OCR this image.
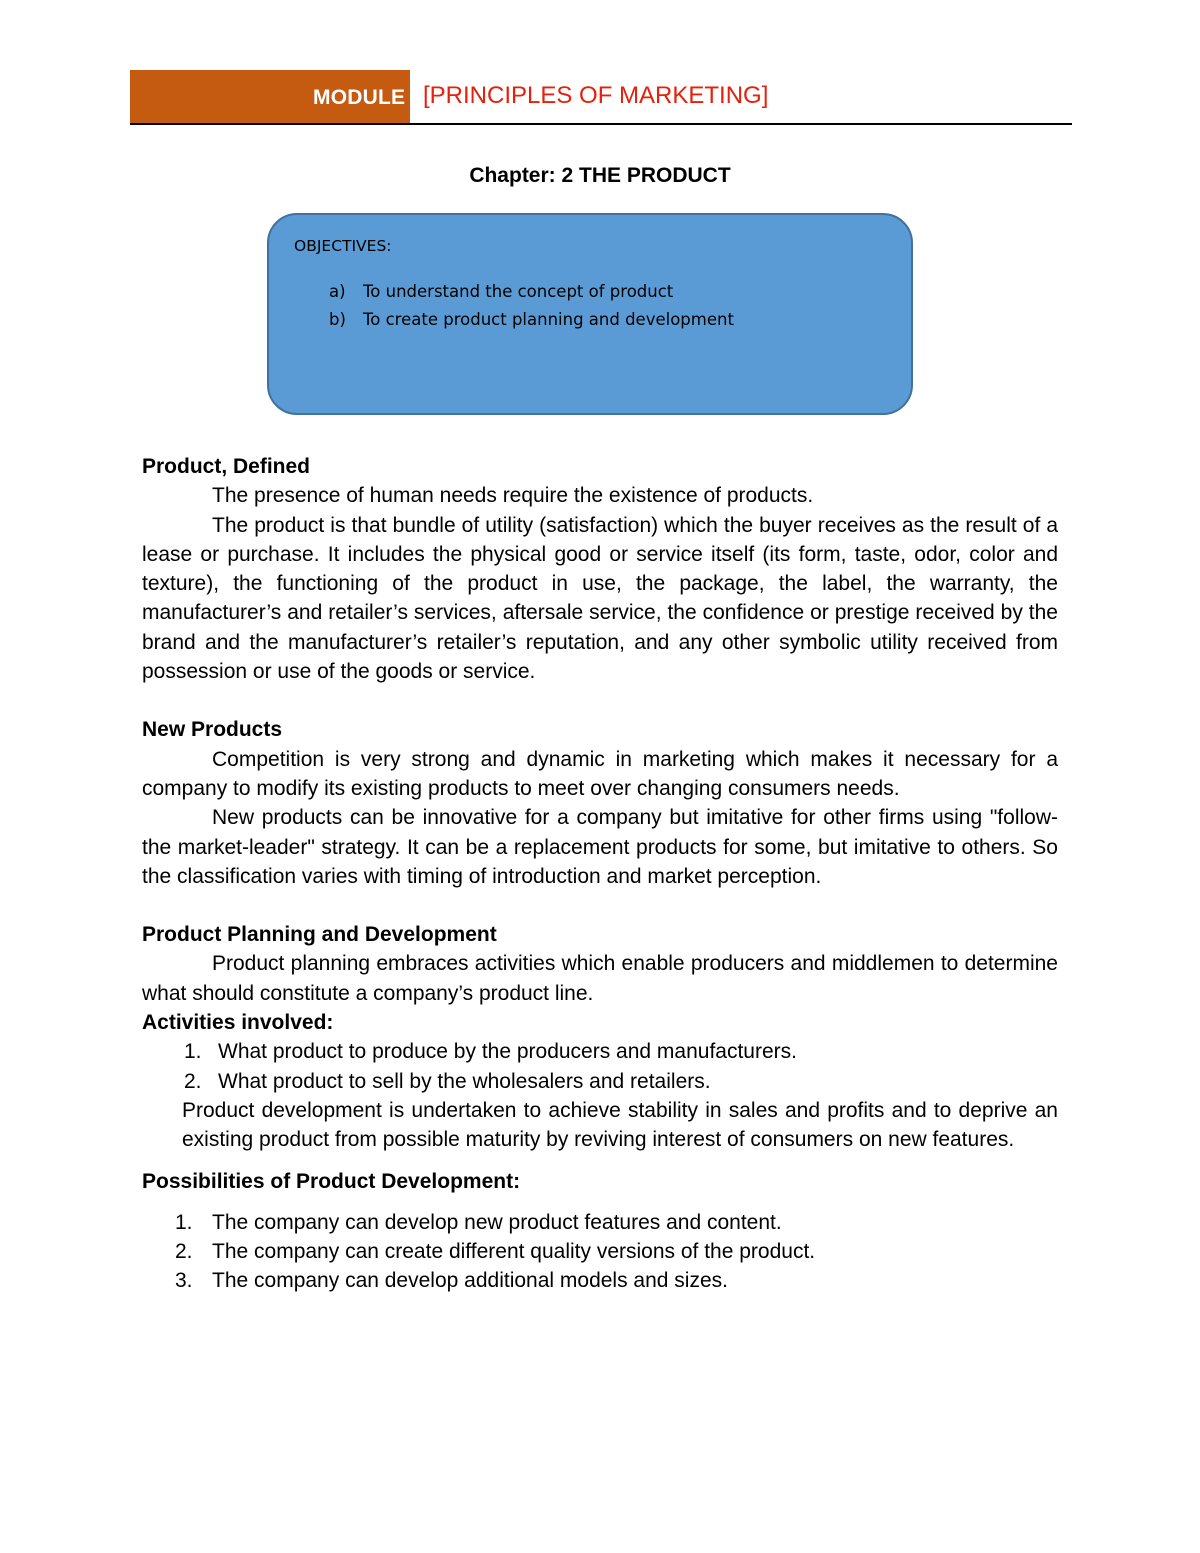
MODULE [PRINCIPLES OF MARKETING]
Chapter: 2 THE PRODUCT
OBJECTIVES:
a) To understand the concept of product
b) To create product planning and development
Product, Defined

The presence of human needs require the existence of products.

The product is that bundle of utility (satisfaction) which the buyer receives as the result of a lease or purchase. It includes the physical good or service itself (its form, taste, odor, color and texture), the functioning of the product in use, the package, the label, the warranty, the manufacturer’s and retailer’s services, aftersale service, the confidence or prestige received by the brand and the manufacturer’s retailer’s reputation, and any other symbolic utility received from possession or use of the goods or service.

New Products

Competition is very strong and dynamic in marketing which makes it necessary for a company to modify its existing products to meet over changing consumers needs.

New products can be innovative for a company but imitative for other firms using "follow-the market-leader" strategy. It can be a replacement products for some, but imitative to others. So the classification varies with timing of introduction and market perception.

Product Planning and Development

Product planning embraces activities which enable producers and middlemen to determine what should constitute a company’s product line.

Activities involved:
1. What product to produce by the producers and manufacturers.
2. What product to sell by the wholesalers and retailers.

Product development is undertaken to achieve stability in sales and profits and to deprive an existing product from possible maturity by reviving interest of consumers on new features.

Possibilities of Product Development:
1. The company can develop new product features and content.
2. The company can create different quality versions of the product.
3. The company can develop additional models and sizes.
